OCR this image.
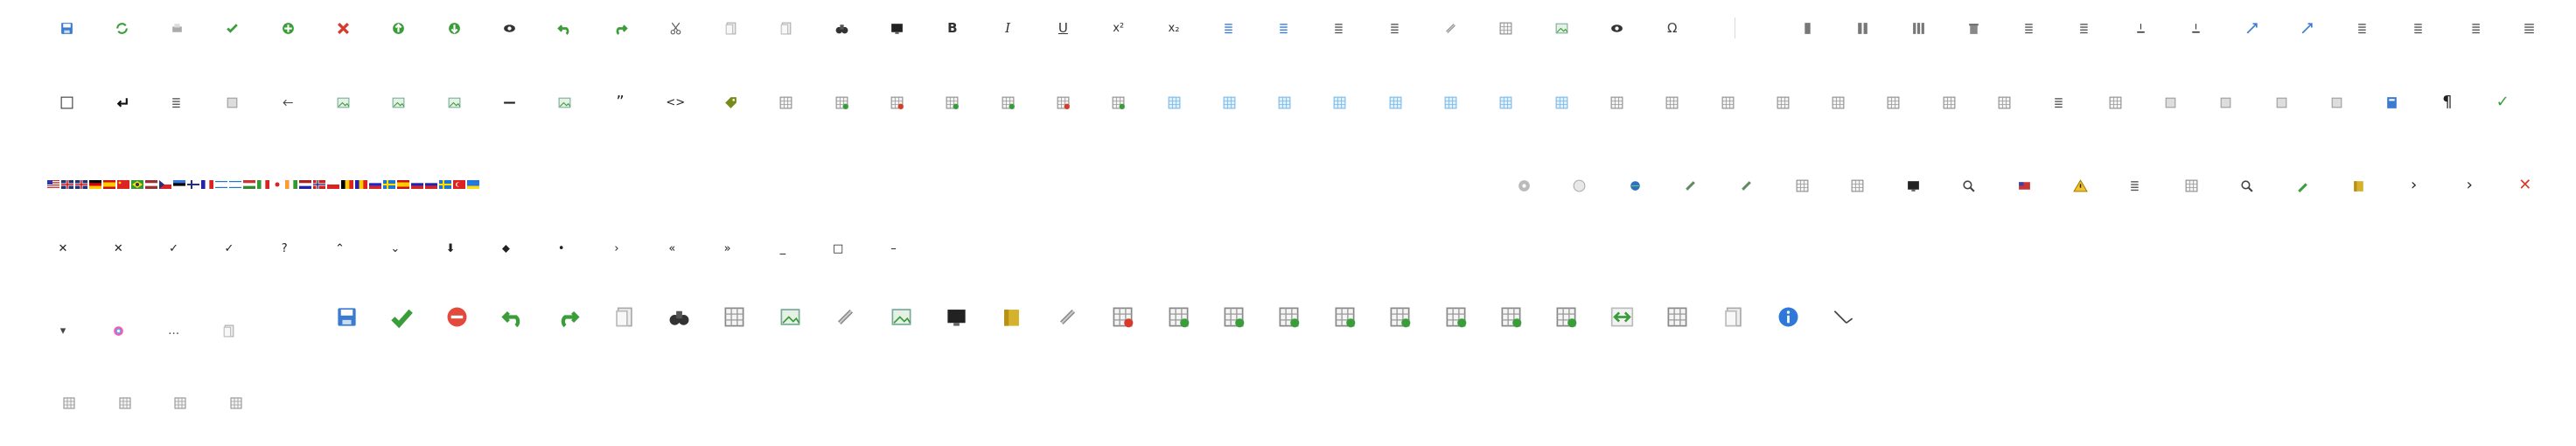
B	I	U	x²	x₂	Ω
”	<>	¶	✓
›	›	✕
✕	✕	✓	✓	?	⌃	⌄	⬇	⬥	•	›	«	»	_	□	–
▾	…
